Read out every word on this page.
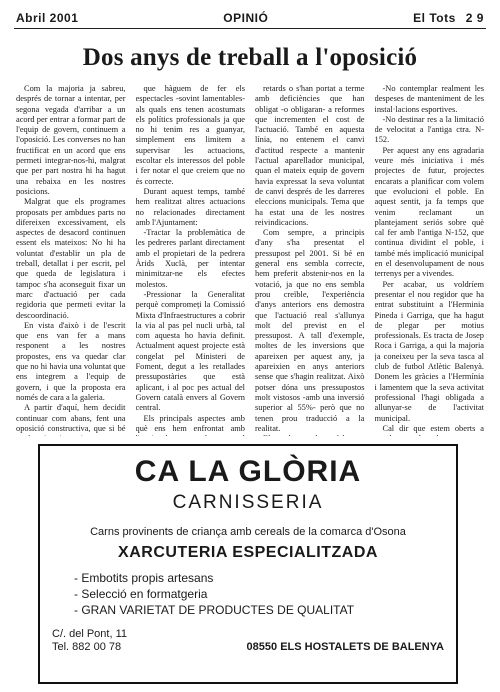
Abril 2001	OPINIÓ	El Tots 2 9
Dos anys de treball a l'oposició

Com la majoria ja sabreu, després de tornar a intentar, per segona vegada d'arribar a un acord per entrar a formar part de l'equip de govern, continuem a l'oposició. Les converses no han fructificat en un acord que ens permeti integrar-nos-hi, malgrat que per part nostra hi ha hagut una rebaixa en les nostres posicions.

Malgrat que els programes proposats per ambdues parts no difereixen excessivament, els aspectes de desacord continuen essent els mateixos: No hi ha voluntat d'establir un pla de treball, detallat i per escrit, pel que queda de legislatura i tampoc s'ha aconseguit fixar un marc d'actuació per cada regidoria que permeti evitar la descoordinació.

En vista d'això i de l'escrit que ens van fer a mans responent a les nostres propostes, ens va quedar clar que no hi havia una voluntat que ens integrem a l'equip de govern, i que la proposta era només de cara a la galeria.

A partir d'aquí, hem decidit continuar com abans, fent una oposició constructiva, que si bé

que hàguem de fer els espectacles -sovint lamentables- als quals ens tenen acostumats els polítics professionals ja que no hi tenim res a guanyar, simplement ens limitem a supervisar les actuacions, escoltar els interessos del poble i fer notar el que creiem que no és correcte.

Durant aquest temps, també hem realitzat altres actuacions no relacionades directament amb l'Ajuntament:

-Tractar la problemàtica de les pedreres parlant directament amb el propietari de la pedrera Àrids Xuclà, per intentar minimitzar-ne els efectes molestos.

-Pressionar la Generalitat perquè compromeți la Comissió Mixta d'Infraestructures a cobrir la via al pas pel nucli urbà, tal com aquesta ho havia definit. Actualment aquest projecte està congelat pel Ministeri de Foment, degut a les retallades pressupostàries que està aplicant, i al poc pes actual del Govern català envers al Govern central.

Els principals aspectes amb què ens hem enfrontat amb

retards o s'han portat a terme amb deficiències que han obligat -o obligaran- a reformes que incrementen el cost de l'actuació. També en aquesta línia, no entenem el canvi d'actitud respecte a mantenir l'actual aparellador municipal, quan el mateix equip de govern havia expressat la seva voluntat de canvi després de les darreres eleccions municipals. Tema que ha estat una de les nostres reivindicacions.

Com sempre, a principis d'any s'ha presentat el pressupost pel 2001. Si bé en general ens sembla correcte, hem preferit abstenir-nos en la votació, ja que no ens sembla prou creïble, l'experiència d'anys anteriors ens demostra que l'actuació real s'allunya molt del previst en el pressupost. A tall d'exemple, moltes de les inversions que apareixen per aquest any, ja apareixien en anys anteriors sense que s'hagin realitzat. Això potser dóna uns pressupostos molt vistosos -amb una inversió superior al 55%- però que no tenen prou traducció a la realitat.

-No contemplar realment les despeses de manteniment de les instal·lacions esportives.

-No destinar res a la limitació de velocitat a l'antiga ctra. N-152.

Per aquest any ens agradaria veure més iniciativa i més projectes de futur, projectes encarats a planificar com volem que evolucioni el poble. En aquest sentit, ja fa temps que venim reclamant un plantejament seriós sobre què cal fer amb l'antiga N-152, que continua dividint el poble, i també més implicació municipal en el desenvolupament de nous terrenys per a vivendes.

Per acabar, us voldríem presentar el nou regidor que ha entrat substituint a l'Herminia Pineda i Garriga, que ha hagut de plegar per motius professionals. Es tracta de Josep Roca i Garriga, a qui la majoria ja coneixeu per la seva tasca al club de futbol Atlètic Balenyà. Donem les gràcies a l'Hermínia i lamentem que la seva activitat professional l'hagi obligada a allunyar-se de l'activitat municipal.

Cal dir que estem oberts a

CA LA GLÒRIA
CARNISSERIA
Carns provinents de criança amb cereals de la comarca d'Osona
XARCUTERIA ESPECIALITZADA
- Embotits propis artesans
- Selecció en formatgeria
- GRAN VARIETAT DE PRODUCTES DE QUALITAT
C/. del Pont, 11
Tel. 882 00 78	08550 ELS HOSTALETS DE BALENYA
